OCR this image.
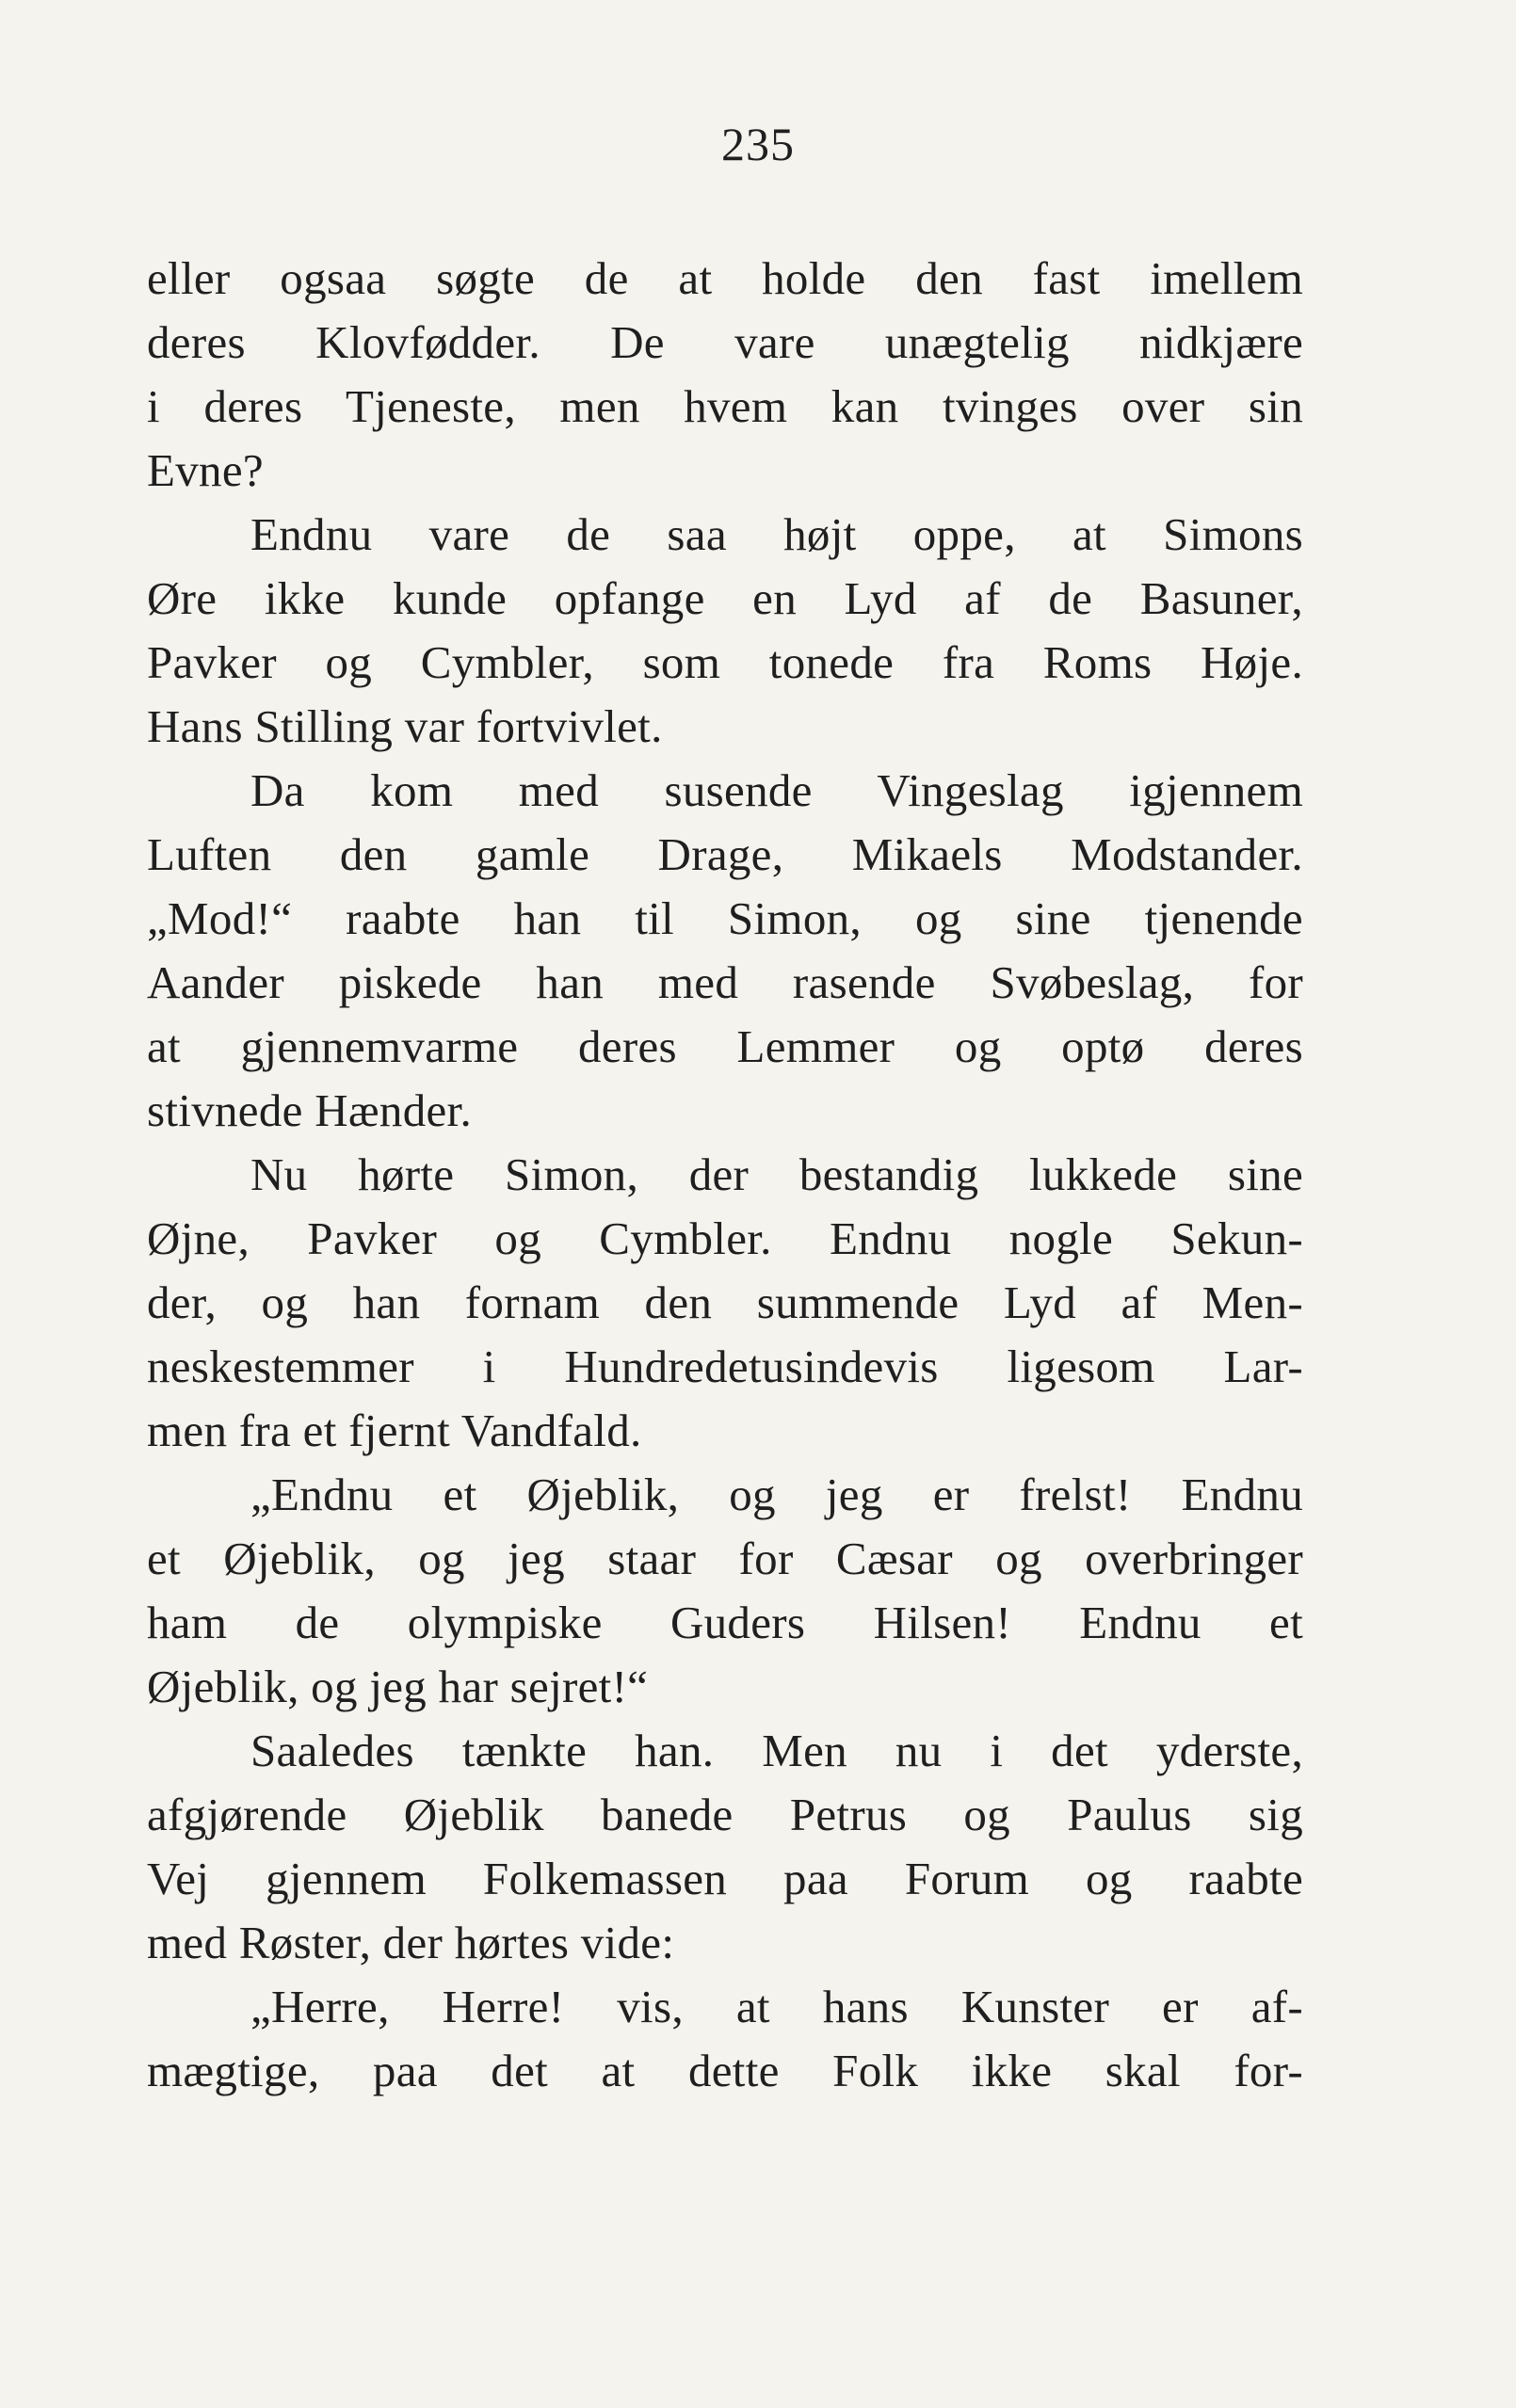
235
eller ogsaa søgte de at holde den fast imellem
deres Klovfødder. De vare unægtelig nidkjære
i deres Tjeneste, men hvem kan tvinges over sin
Evne?
Endnu vare de saa højt oppe, at Simons
Øre ikke kunde opfange en Lyd af de Basuner,
Pavker og Cymbler, som tonede fra Roms Høje.
Hans Stilling var fortvivlet.
Da kom med susende Vingeslag igjennem
Luften den gamle Drage, Mikaels Modstander.
„Mod!“ raabte han til Simon, og sine tjenende
Aander piskede han med rasende Svøbeslag, for
at gjennemvarme deres Lemmer og optø deres
stivnede Hænder.
Nu hørte Simon, der bestandig lukkede sine
Øjne, Pavker og Cymbler. Endnu nogle Sekun-
der, og han fornam den summende Lyd af Men-
neskestemmer i Hundredetusindevis ligesom Lar-
men fra et fjernt Vandfald.
„Endnu et Øjeblik, og jeg er frelst! Endnu
et Øjeblik, og jeg staar for Cæsar og overbringer
ham de olympiske Guders Hilsen! Endnu et
Øjeblik, og jeg har sejret!“
Saaledes tænkte han. Men nu i det yderste,
afgjørende Øjeblik banede Petrus og Paulus sig
Vej gjennem Folkemassen paa Forum og raabte
med Røster, der hørtes vide:
„Herre, Herre! vis, at hans Kunster er af-
mægtige, paa det at dette Folk ikke skal for-
